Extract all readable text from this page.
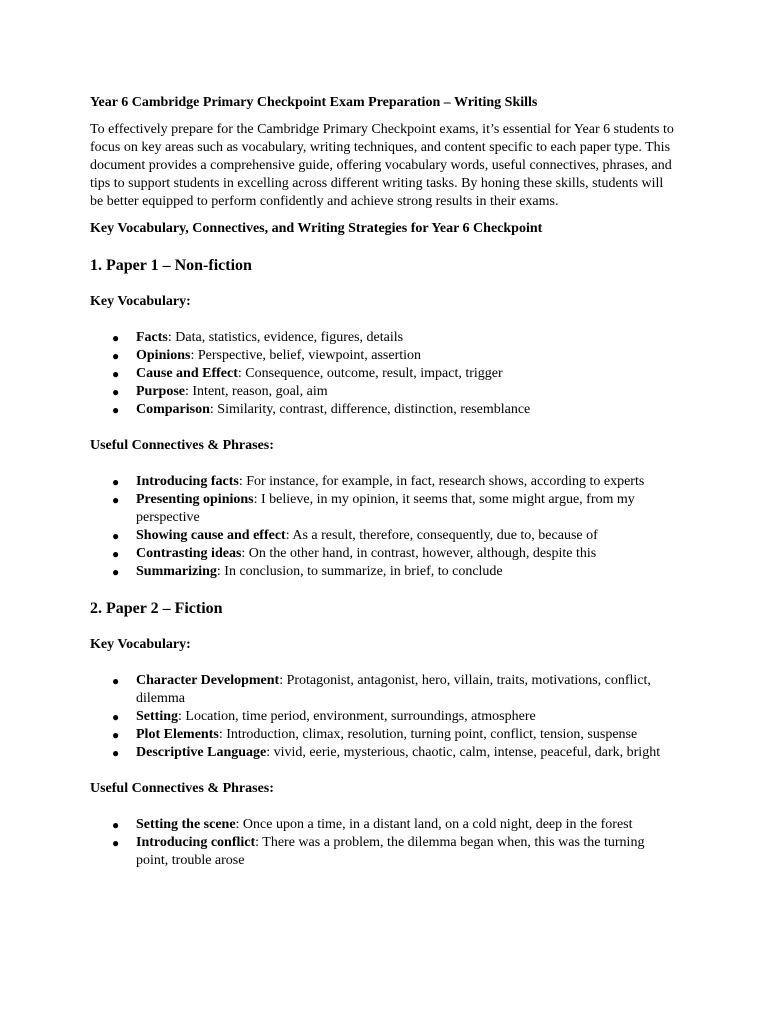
Year 6 Cambridge Primary Checkpoint Exam Preparation – Writing Skills
To effectively prepare for the Cambridge Primary Checkpoint exams, it’s essential for Year 6 students to focus on key areas such as vocabulary, writing techniques, and content specific to each paper type. This document provides a comprehensive guide, offering vocabulary words, useful connectives, phrases, and tips to support students in excelling across different writing tasks. By honing these skills, students will be better equipped to perform confidently and achieve strong results in their exams.
Key Vocabulary, Connectives, and Writing Strategies for Year 6 Checkpoint
1. Paper 1 – Non-fiction
Key Vocabulary:
● Facts: Data, statistics, evidence, figures, details
● Opinions: Perspective, belief, viewpoint, assertion
● Cause and Effect: Consequence, outcome, result, impact, trigger
● Purpose: Intent, reason, goal, aim
● Comparison: Similarity, contrast, difference, distinction, resemblance
Useful Connectives & Phrases:
● Introducing facts: For instance, for example, in fact, research shows, according to experts
● Presenting opinions: I believe, in my opinion, it seems that, some might argue, from my perspective
● Showing cause and effect: As a result, therefore, consequently, due to, because of
● Contrasting ideas: On the other hand, in contrast, however, although, despite this
● Summarizing: In conclusion, to summarize, in brief, to conclude
2. Paper 2 – Fiction
Key Vocabulary:
● Character Development: Protagonist, antagonist, hero, villain, traits, motivations, conflict, dilemma
● Setting: Location, time period, environment, surroundings, atmosphere
● Plot Elements: Introduction, climax, resolution, turning point, conflict, tension, suspense
● Descriptive Language: vivid, eerie, mysterious, chaotic, calm, intense, peaceful, dark, bright
Useful Connectives & Phrases:
● Setting the scene: Once upon a time, in a distant land, on a cold night, deep in the forest
● Introducing conflict: There was a problem, the dilemma began when, this was the turning point, trouble arose
